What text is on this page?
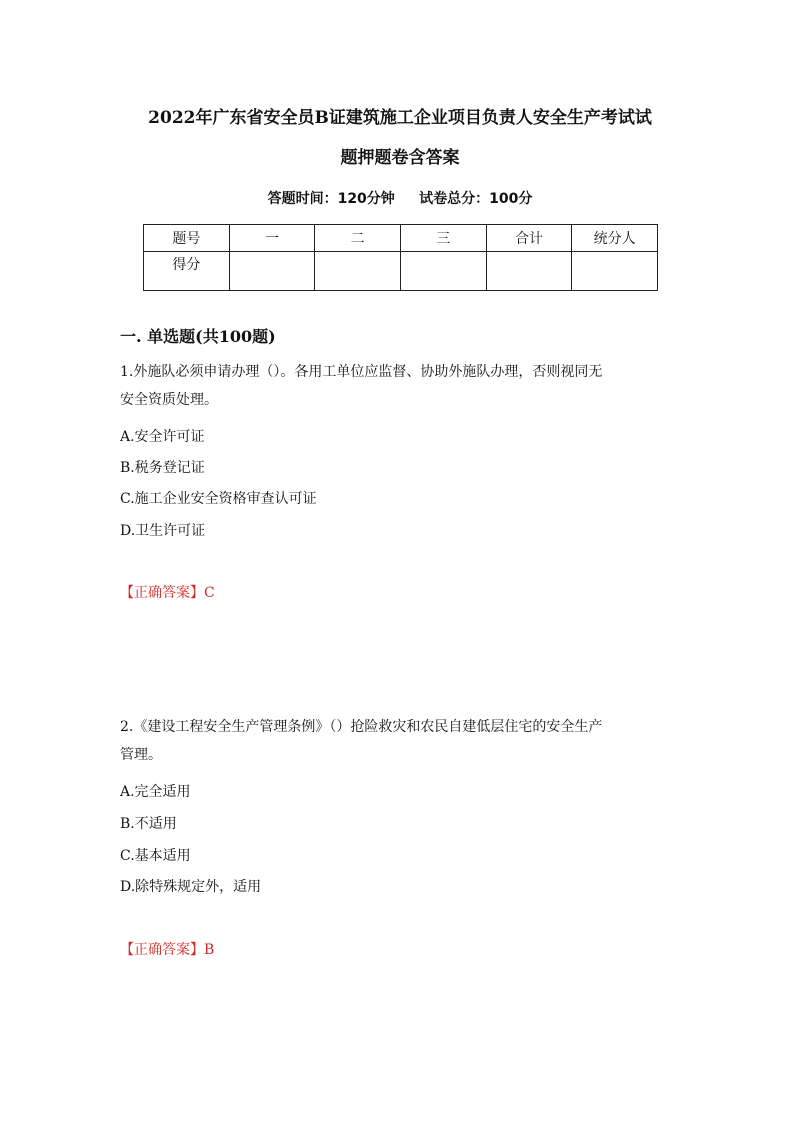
2022年广东省安全员B证建筑施工企业项目负责人安全生产考试试
题押题卷含答案
答题时间：120分钟     试卷总分：100分
题号	一	二	三	合计	统分人
得分					
一. 单选题(共100题)
1.外施队必须申请办理（）。各用工单位应监督、协助外施队办理，否则视同无
安全资质处理。
A.安全许可证
B.税务登记证
C.施工企业安全资格审查认可证
D.卫生许可证
【正确答案】C
2.《建设工程安全生产管理条例》（）抢险救灾和农民自建低层住宅的安全生产
管理。
A.完全适用
B.不适用
C.基本适用
D.除特殊规定外，适用
【正确答案】B
